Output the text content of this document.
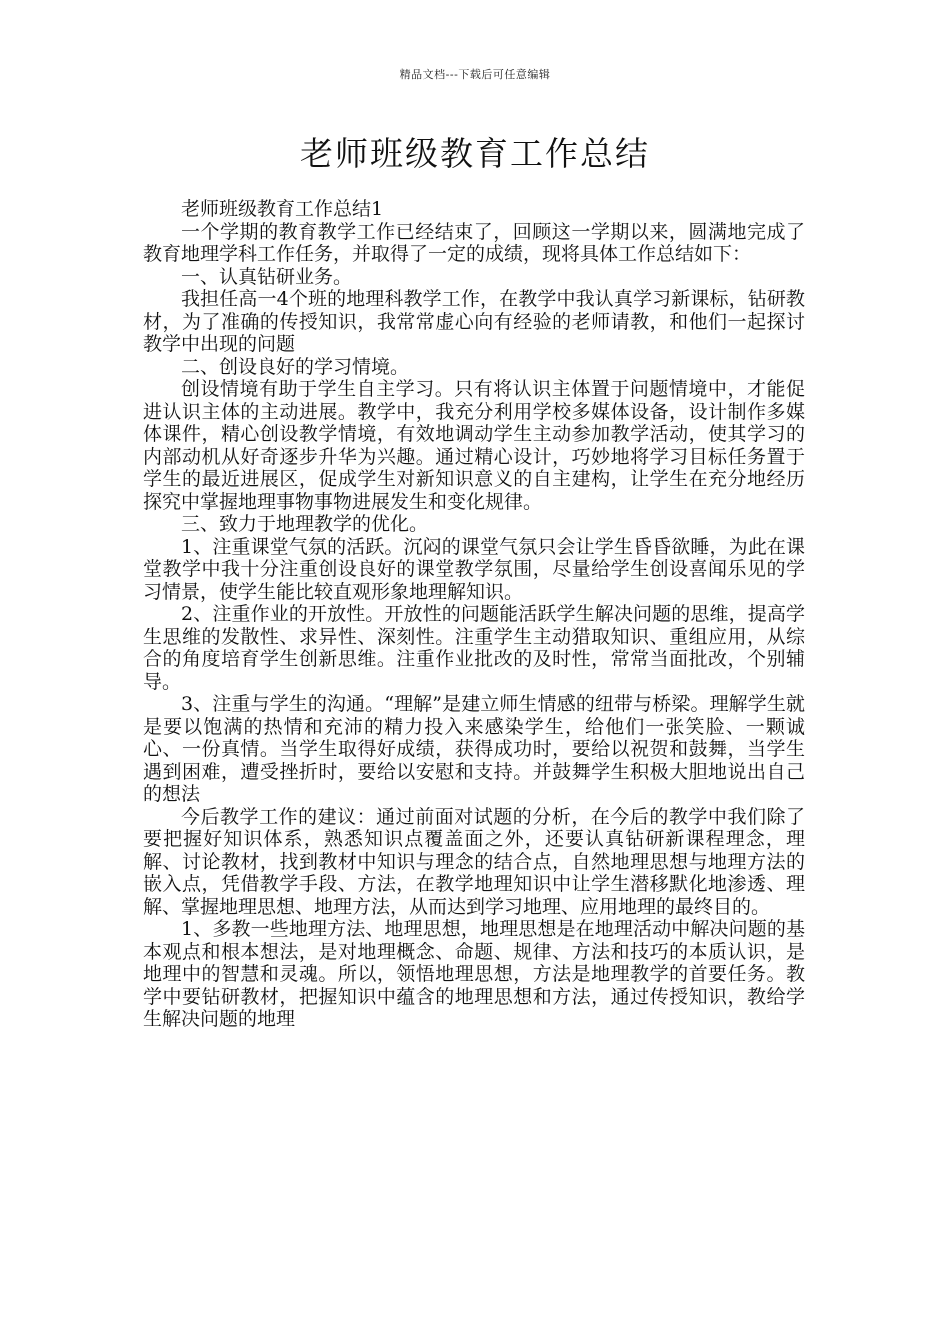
精品文档---下载后可任意编辑
老师班级教育工作总结

老师班级教育工作总结1

一个学期的教育教学工作已经结束了，回顾这一学期以来，圆满地完成了教育地理学科工作任务，并取得了一定的成绩，现将具体工作总结如下：

一、认真钻研业务。

我担任高一4个班的地理科教学工作，在教学中我认真学习新课标，钻研教材，为了准确的传授知识，我常常虚心向有经验的老师请教，和他们一起探讨教学中出现的问题

二、创设良好的学习情境。

创设情境有助于学生自主学习。只有将认识主体置于问题情境中，才能促进认识主体的主动进展。教学中，我充分利用学校多媒体设备，设计制作多媒体课件，精心创设教学情境，有效地调动学生主动参加教学活动，使其学习的内部动机从好奇逐步升华为兴趣。通过精心设计，巧妙地将学习目标任务置于学生的最近进展区，促成学生对新知识意义的自主建构，让学生在充分地经历探究中掌握地理事物事物进展发生和变化规律。

三、致力于地理教学的优化。

1、注重课堂气氛的活跃。沉闷的课堂气氛只会让学生昏昏欲睡，为此在课堂教学中我十分注重创设良好的课堂教学氛围，尽量给学生创设喜闻乐见的学习情景，使学生能比较直观形象地理解知识。

2、注重作业的开放性。开放性的问题能活跃学生解决问题的思维，提高学生思维的发散性、求异性、深刻性。注重学生主动猎取知识、重组应用，从综合的角度培育学生创新思维。注重作业批改的及时性，常常当面批改，个别辅导。

3、注重与学生的沟通。“理解”是建立师生情感的纽带与桥梁。理解学生就是要以饱满的热情和充沛的精力投入来感染学生，给他们一张笑脸、一颗诚心、一份真情。当学生取得好成绩，获得成功时，要给以祝贺和鼓舞，当学生遇到困难，遭受挫折时，要给以安慰和支持。并鼓舞学生积极大胆地说出自己的想法

今后教学工作的建议：通过前面对试题的分析，在今后的教学中我们除了要把握好知识体系，熟悉知识点覆盖面之外，还要认真钻研新课程理念，理解、讨论教材，找到教材中知识与理念的结合点，自然地理思想与地理方法的嵌入点，凭借教学手段、方法，在教学地理知识中让学生潜移默化地渗透、理解、掌握地理思想、地理方法，从而达到学习地理、应用地理的最终目的。

1、多教一些地理方法、地理思想，地理思想是在地理活动中解决问题的基本观点和根本想法，是对地理概念、命题、规律、方法和技巧的本质认识，是地理中的智慧和灵魂。所以，领悟地理思想，方法是地理教学的首要任务。教学中要钻研教材，把握知识中蕴含的地理思想和方法，通过传授知识，教给学生解决问题的地理
